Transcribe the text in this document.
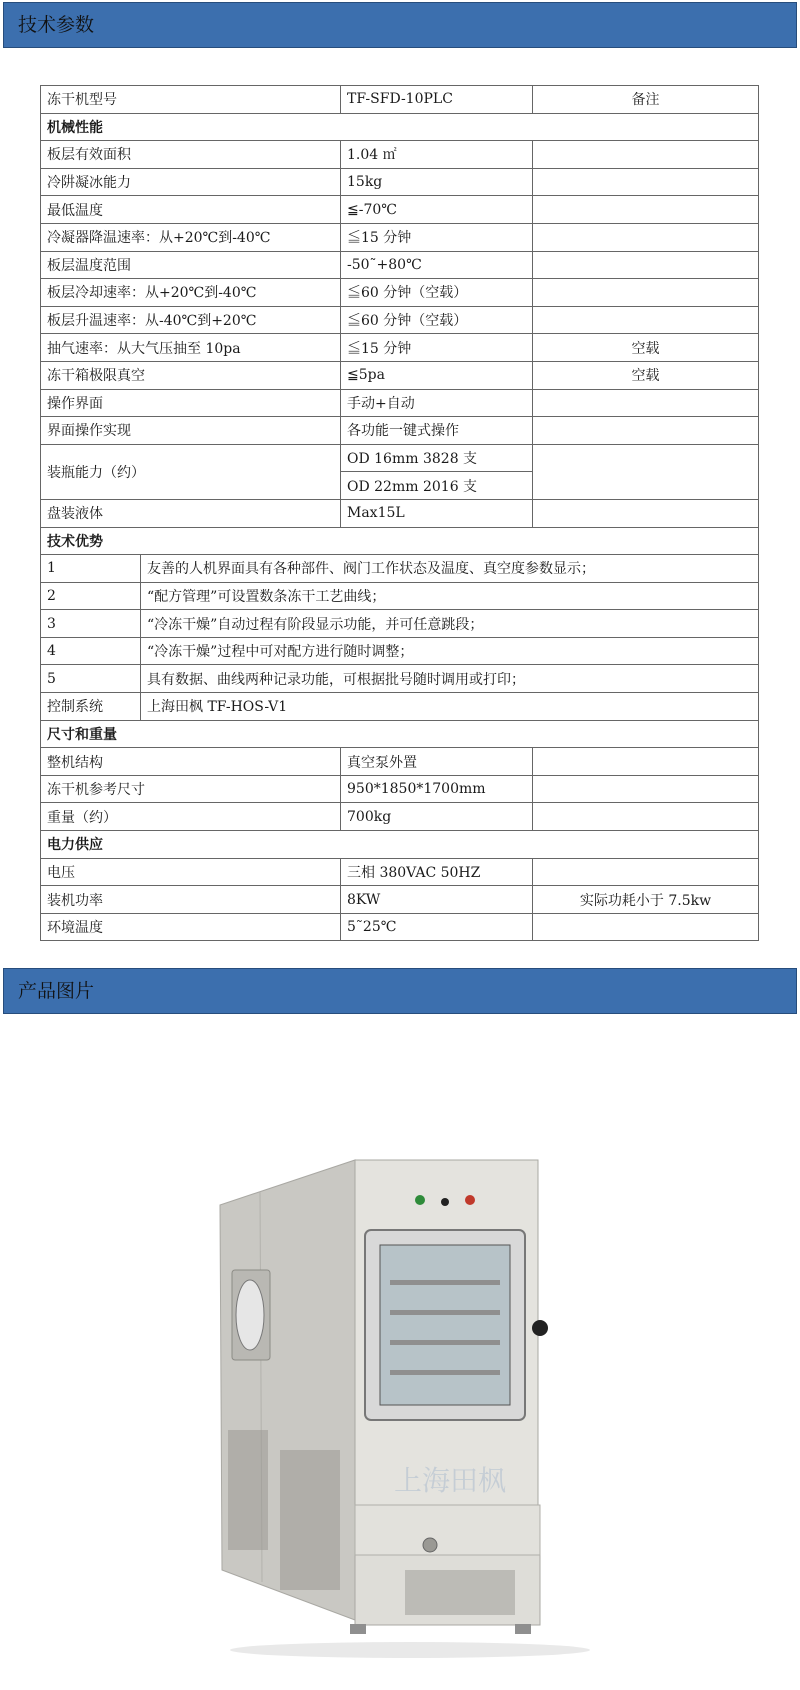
技术参数
冻干机型号		TF-SFD-10PLC	备注
机械性能			
板层有效面积		1.04 ㎡	
冷阱凝冰能力		15kg	
最低温度		≦-70℃	
冷凝器降温速率：从+20℃到-40℃		≦15 分钟	
板层温度范围		-50˜+80℃	
板层冷却速率：从+20℃到-40℃		≦60 分钟（空载）	
板层升温速率：从-40℃到+20℃		≦60 分钟（空载）	
抽气速率：从大气压抽至 10pa		≦15 分钟	空载
冻干箱极限真空		≦5pa	空载
操作界面		手动+自动	
界面操作实现		各功能一键式操作	
装瓶能力（约）		OD 16mm 3828 支	
		OD 22mm 2016 支	
盘装液体		Max15L	
技术优势			
1	友善的人机界面具有各种部件、阀门工作状态及温度、真空度参数显示；		
2	“配方管理”可设置数条冻干工艺曲线；		
3	“冷冻干燥”自动过程有阶段显示功能，并可任意跳段；		
4	“冷冻干燥”过程中可对配方进行随时调整；		
5	具有数据、曲线两种记录功能，可根据批号随时调用或打印；		
控制系统	上海田枫 TF-HOS-V1		
尺寸和重量			
整机结构		真空泵外置	
冻干机参考尺寸		950*1850*1700mm	
重量（约）		700kg	
电力供应			
电压		三相 380VAC 50HZ	
装机功率		8KW	实际功耗小于 7.5kw
环境温度		5˜25℃	
产品图片
上海田枫
